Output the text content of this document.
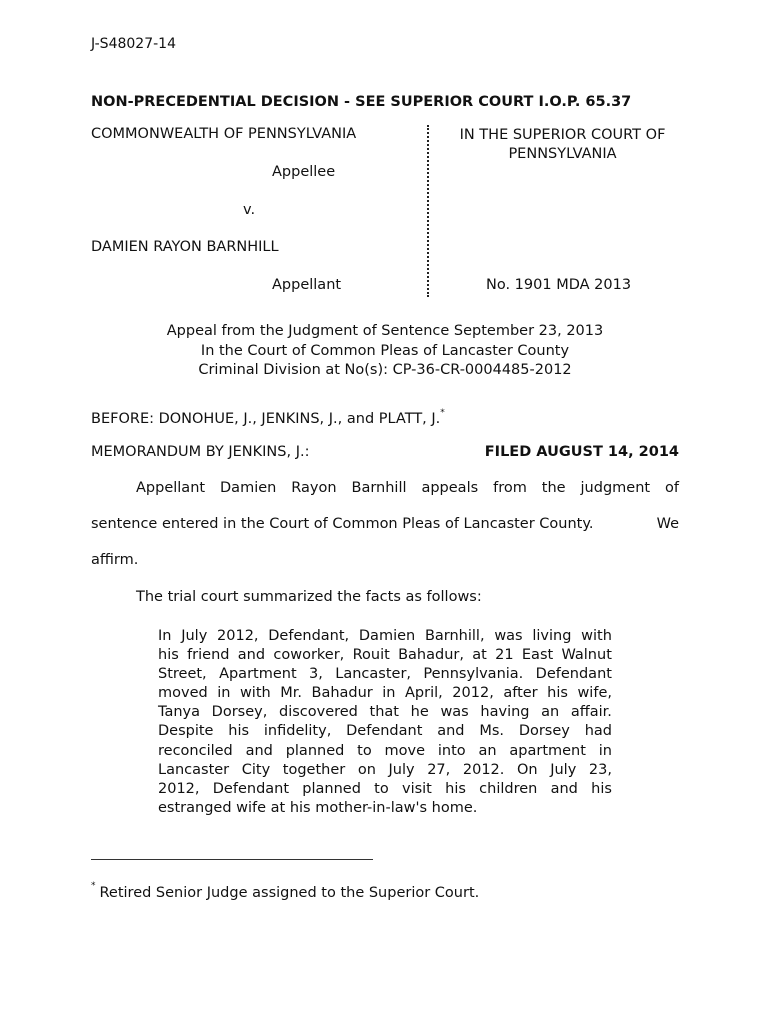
J-S48027-14
NON-PRECEDENTIAL DECISION - SEE SUPERIOR COURT I.O.P. 65.37
COMMONWEALTH OF PENNSYLVANIA
Appellee
v.
DAMIEN RAYON BARNHILL
Appellant
IN THE SUPERIOR COURT OF PENNSYLVANIA
No. 1901 MDA 2013
Appeal from the Judgment of Sentence September 23, 2013
In the Court of Common Pleas of Lancaster County
Criminal Division at No(s): CP-36-CR-0004485-2012
BEFORE: DONOHUE, J., JENKINS, J., and PLATT, J.*
MEMORANDUM BY JENKINS, J.:	FILED AUGUST 14, 2014
Appellant Damien Rayon Barnhill appeals from the judgment of
sentence entered in the Court of Common Pleas of Lancaster County.	We
affirm.
The trial court summarized the facts as follows:
In July 2012, Defendant, Damien Barnhill, was living with
his friend and coworker, Rouit Bahadur, at 21 East Walnut
Street, Apartment 3, Lancaster, Pennsylvania. Defendant
moved in with Mr. Bahadur in April, 2012, after his wife,
Tanya Dorsey, discovered that he was having an affair.
Despite his infidelity, Defendant and Ms. Dorsey had
reconciled and planned to move into an apartment in
Lancaster City together on July 27, 2012. On July 23,
2012, Defendant planned to visit his children and his
estranged wife at his mother-in-law's home.
* Retired Senior Judge assigned to the Superior Court.
